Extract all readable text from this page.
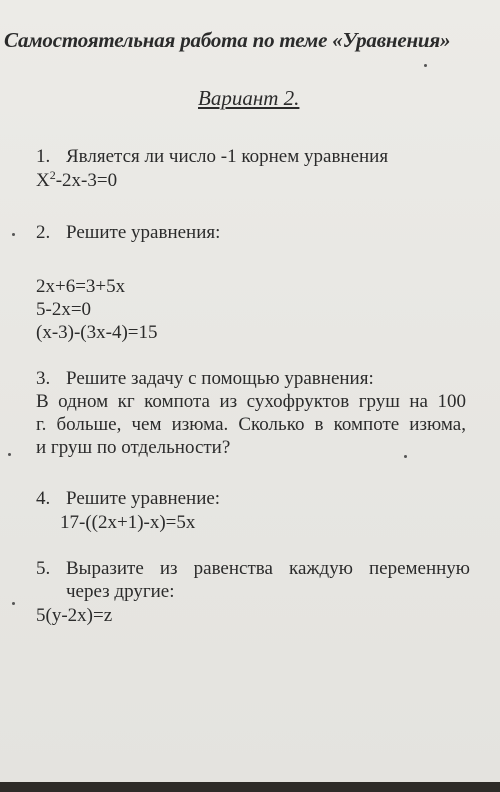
Самостоятельная работа по теме «Уравнения»
Вариант 2.
1. Является ли число -1 корнем уравнения
$X^2-2x-3=0$
2. Решите уравнения:
2x+6=3+5x
5-2x=0
(x-3)-(3x-4)=15
3. Решите задачу с помощью уравнения:
В одном кг компота из сухофруктов груш на 100
г. больше, чем изюма. Сколько в компоте изюма,
и груш по отдельности?
4. Решите уравнение:
17-((2x+1)-x)=5x
5. Выразите из равенства каждую переменную
через другие:
5(y-2x)=z
